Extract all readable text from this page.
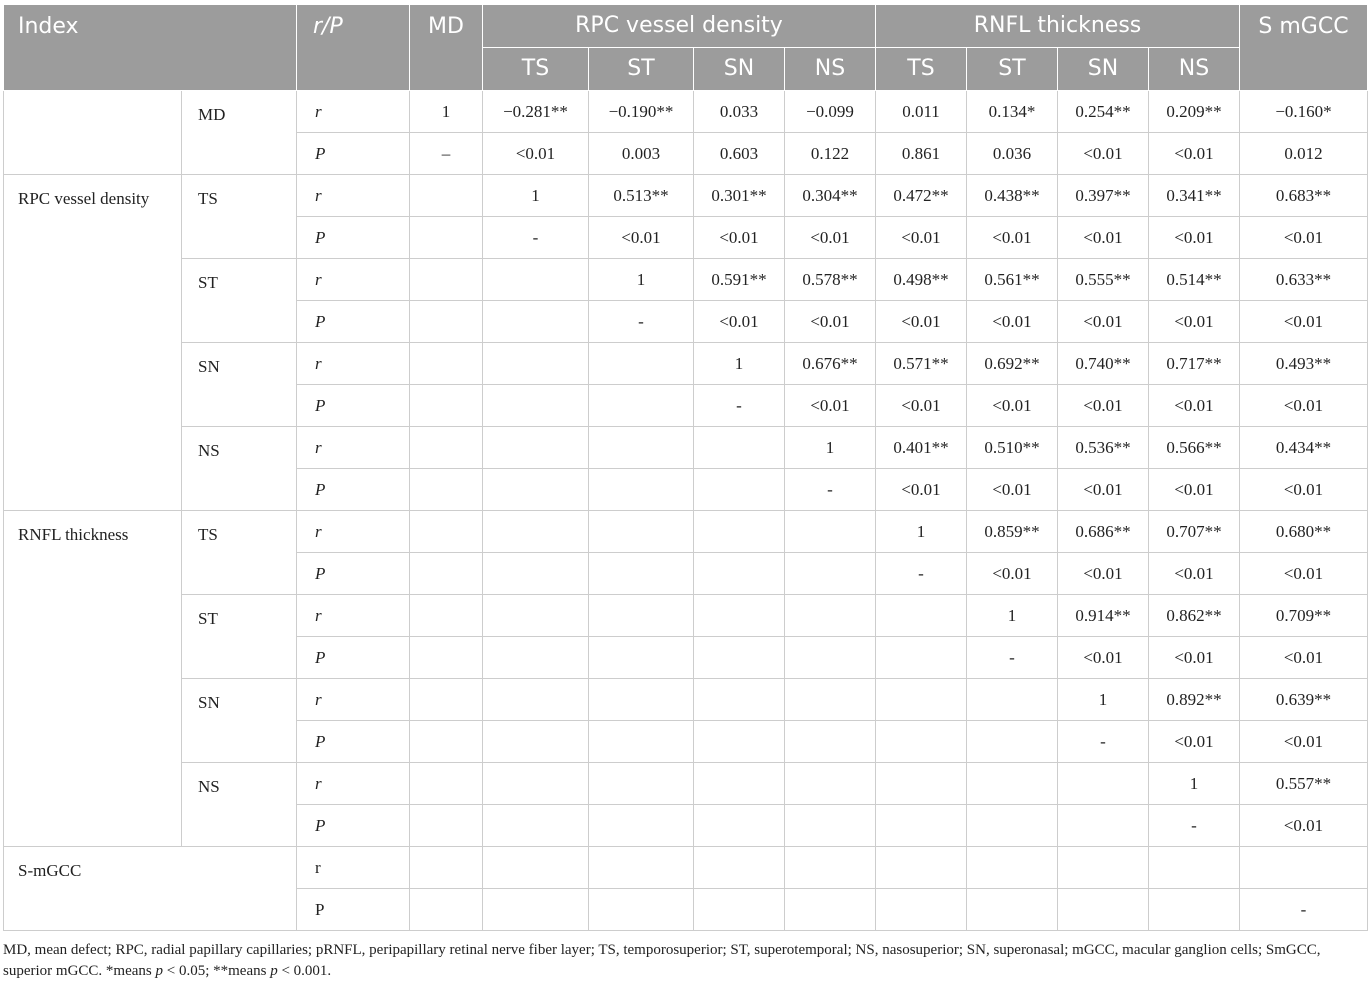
Index		r/P	MD	RPC vessel density				RNFL thickness				S mGCC
				TS	ST	SN	NS	TS	ST	SN	NS	
	MD	r	1	−0.281**	−0.190**	0.033	−0.099	0.011	0.134*	0.254**	0.209**	−0.160*
		P	–	<0.01	0.003	0.603	0.122	0.861	0.036	<0.01	<0.01	0.012
RPC vessel density	TS	r		1	0.513**	0.301**	0.304**	0.472**	0.438**	0.397**	0.341**	0.683**
		P		-	<0.01	<0.01	<0.01	<0.01	<0.01	<0.01	<0.01	<0.01
	ST	r			1	0.591**	0.578**	0.498**	0.561**	0.555**	0.514**	0.633**
		P			-	<0.01	<0.01	<0.01	<0.01	<0.01	<0.01	<0.01
	SN	r				1	0.676**	0.571**	0.692**	0.740**	0.717**	0.493**
		P				-	<0.01	<0.01	<0.01	<0.01	<0.01	<0.01
	NS	r					1	0.401**	0.510**	0.536**	0.566**	0.434**
		P					-	<0.01	<0.01	<0.01	<0.01	<0.01
RNFL thickness	TS	r						1	0.859**	0.686**	0.707**	0.680**
		P						-	<0.01	<0.01	<0.01	<0.01
	ST	r							1	0.914**	0.862**	0.709**
		P							-	<0.01	<0.01	<0.01
	SN	r								1	0.892**	0.639**
		P								-	<0.01	<0.01
	NS	r									1	0.557**
		P									-	<0.01
S-mGCC		r										
		P										-
MD, mean defect; RPC, radial papillary capillaries; pRNFL, peripapillary retinal nerve fiber layer; TS, temporosuperior; ST, superotemporal; NS, nasosuperior; SN, superonasal; mGCC, macular ganglion cells; SmGCC, superior mGCC. *means p < 0.05; **means p < 0.001.
